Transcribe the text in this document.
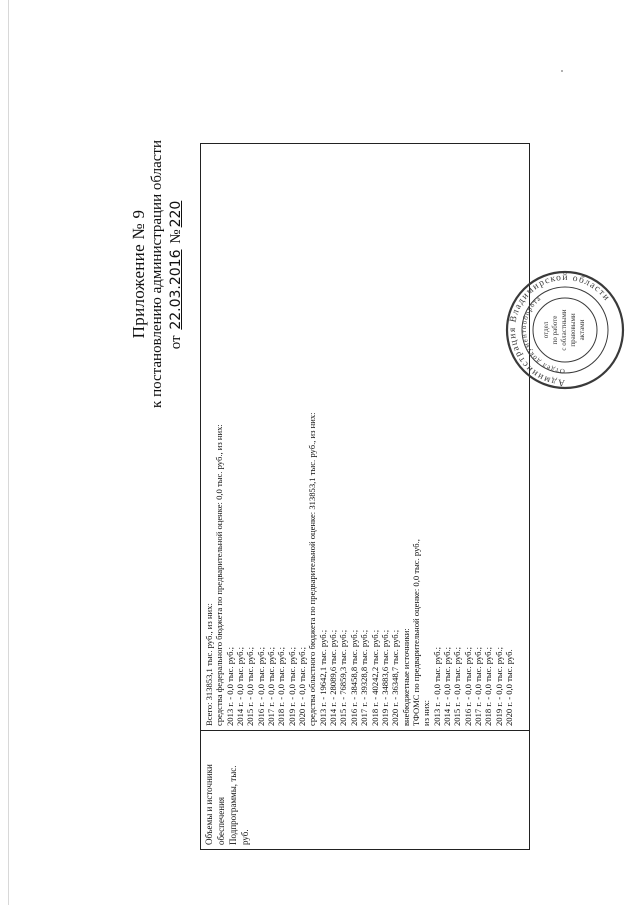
Приложение № 9 к постановлению администрации области от 22.03.2016 №220
Объемы и источники обеспечения Подпрограммы, тыс. руб.
Всего: 313853,1 тыс. руб., из них: средства федерального бюджета по предварительной оценке: 0,0 тыс. руб., из них: 2013 г. - 0,0 тыс. руб.; 2014 г. - 0,0 тыс. руб.; 2015 г. - 0,0 тыс. руб.; 2016 г. - 0,0 тыс. руб.; 2017 г. - 0,0 тыс. руб.; 2018 г. - 0,0 тыс. руб.; 2019 г. - 0,0 тыс. руб.; 2020 г. - 0,0 тыс. руб.; средства областного бюджета по предварительной оценке: 313853,1 тыс. руб., из них: 2013 г. - 19642,1 тыс. руб.; 2014 г. - 28089,6 тыс. руб.; 2015 г. - 76859,3 тыс. руб.; 2016 г. - 38458,8 тыс. руб.; 2017 г. - 39328,8 тыс. руб.; 2018 г. - 40242,2 тыс. руб.; 2019 г. - 34883,6 тыс. руб.; 2020 г. - 36348,7 тыс. руб.; внебюджетные источники: ТФОМС по предварительной оценке: 0,0 тыс. руб., из них: 2013 г. - 0,0 тыс. руб.; 2014 г. - 0,0 тыс. руб.; 2015 г. - 0,0 тыс. руб.; 2016 г. - 0,0 тыс. руб.; 2017 г. - 0,0 тыс. руб.; 2018 г. - 0,0 тыс. руб.; 2019 г. - 0,0 тыс. руб.; 2020 г. - 0,0 тыс. руб.
Администрация Владимирской области
Отдел документооборота
отдел по работе с областными правовыми актами
